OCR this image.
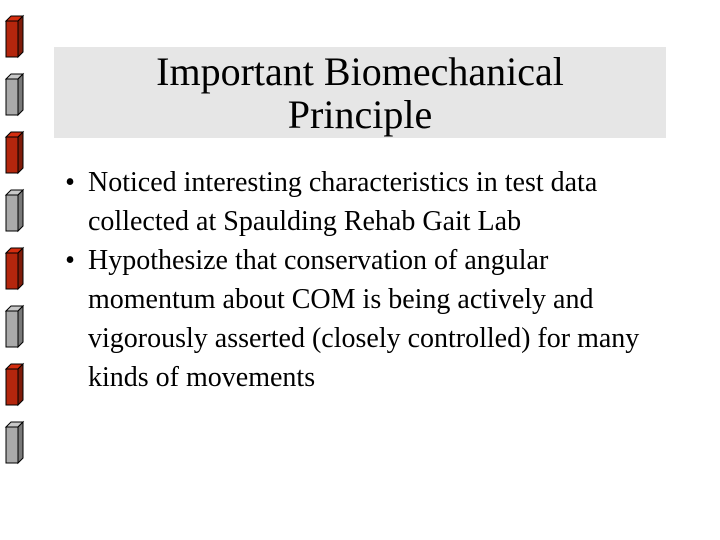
Important Biomechanical Principle
• Noticed interesting characteristics in test data collected at Spaulding Rehab Gait Lab
• Hypothesize that conservation of angular momentum about COM is being actively and vigorously asserted (closely controlled) for many kinds of movements
